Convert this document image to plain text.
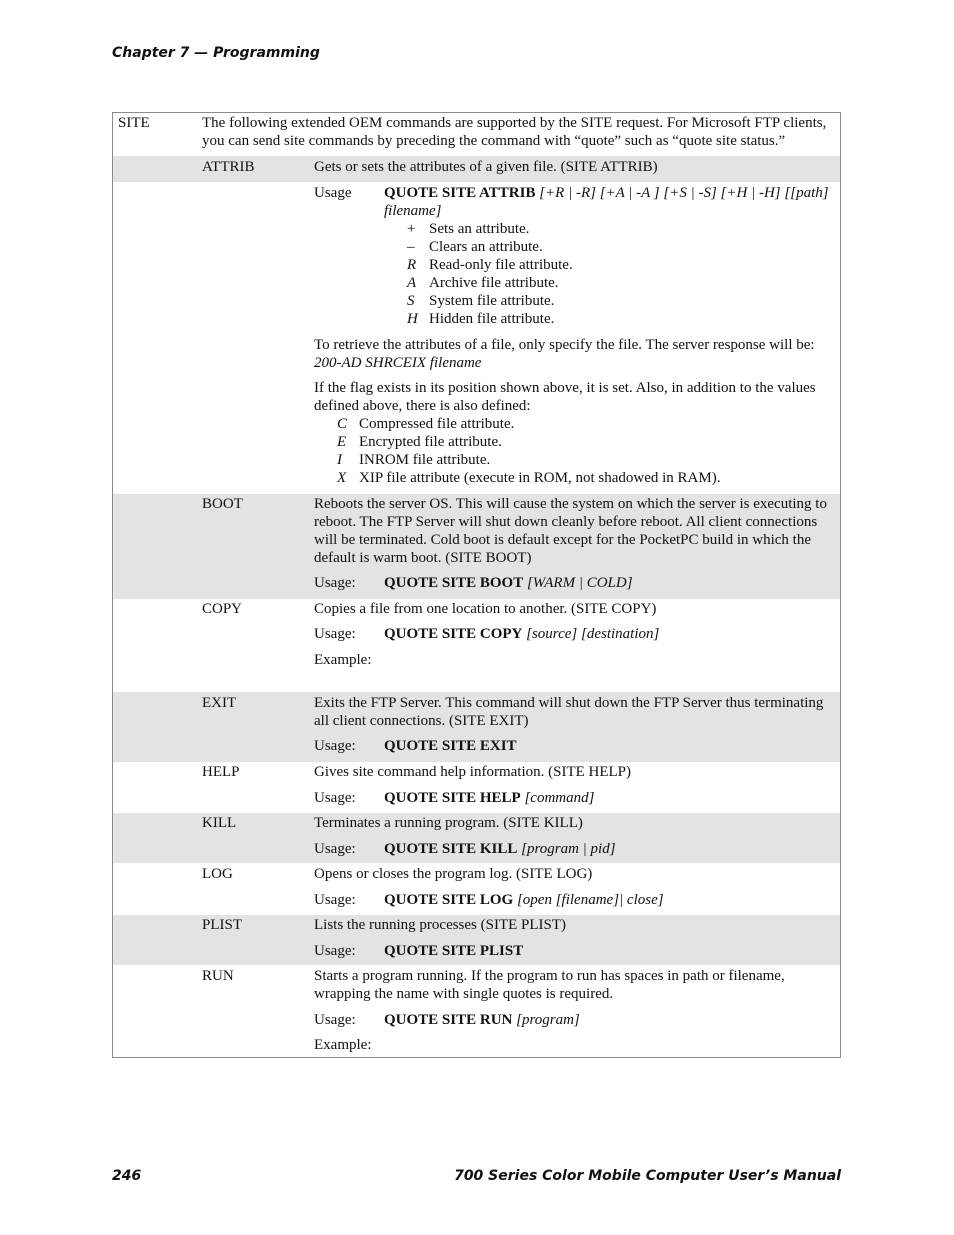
Chapter 7 — Programming
SITE	The following extended OEM commands are supported by the SITE request. For Microsoft FTP clients, you can send site commands by preceding the command with “quote” such as “quote site status.”
ATTRIB	Gets or sets the attributes of a given file. (SITE ATTRIB)
Usage QUOTE SITE ATTRIB [+R | -R] [+A | -A ] [+S | -S] [+H | -H] [[path]
filename]
+ Sets an attribute.
– Clears an attribute.
R Read-only file attribute.
A Archive file attribute.
S System file attribute.
H Hidden file attribute.
To retrieve the attributes of a file, only specify the file. The server response will be:
200-AD SHRCEIX filename
If the flag exists in its position shown above, it is set. Also, in addition to the values defined above, there is also defined:
C Compressed file attribute.
E Encrypted file attribute.
I INROM file attribute.
X XIP file attribute (execute in ROM, not shadowed in RAM).
BOOT	Reboots the server OS. This will cause the system on which the server is executing to reboot. The FTP Server will shut down cleanly before reboot. All client connections will be terminated. Cold boot is default except for the PocketPC build in which the default is warm boot. (SITE BOOT)
Usage: QUOTE SITE BOOT [WARM | COLD]
COPY	Copies a file from one location to another. (SITE COPY)
Usage: QUOTE SITE COPY [source] [destination]
Example:
EXIT	Exits the FTP Server. This command will shut down the FTP Server thus terminating all client connections. (SITE EXIT)
Usage: QUOTE SITE EXIT
HELP	Gives site command help information. (SITE HELP)
Usage: QUOTE SITE HELP [command]
KILL	Terminates a running program. (SITE KILL)
Usage: QUOTE SITE KILL [program | pid]
LOG	Opens or closes the program log. (SITE LOG)
Usage: QUOTE SITE LOG [open [filename]| close]
PLIST	Lists the running processes (SITE PLIST)
Usage: QUOTE SITE PLIST
RUN	Starts a program running. If the program to run has spaces in path or filename, wrapping the name with single quotes is required.
Usage: QUOTE SITE RUN [program]
Example:
246	700 Series Color Mobile Computer User’s Manual
